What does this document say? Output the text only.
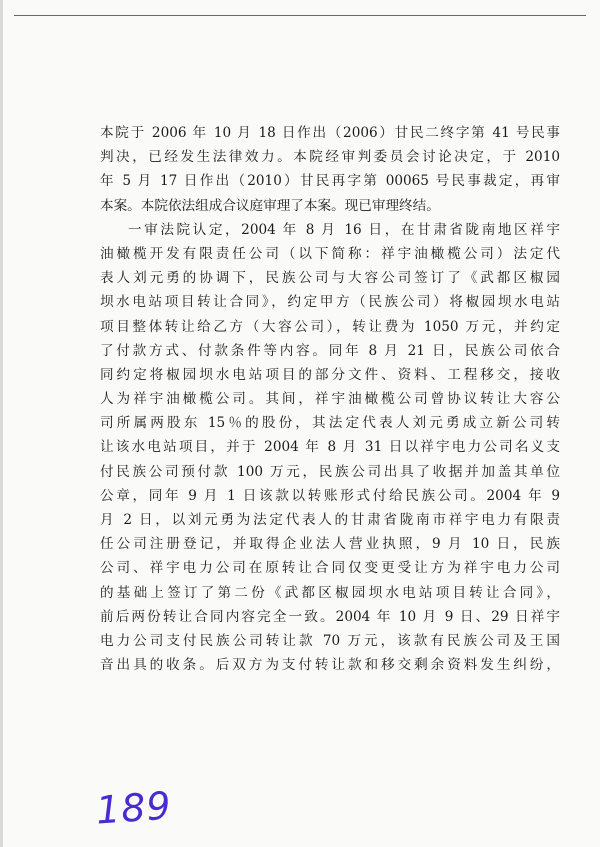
本院于 2006 年 10 月 18 日作出（2006）甘民二终字第 41 号民事
判决，已经发生法律效力。本院经审判委员会讨论决定，于 2010
年 5 月 17 日作出（2010）甘民再字第 00065 号民事裁定，再审
本案。本院依法组成合议庭审理了本案。现已审理终结。
一审法院认定，2004 年 8 月 16 日，在甘肃省陇南地区祥宇
油橄榄开发有限责任公司（以下简称：祥宇油橄榄公司）法定代
表人刘元勇的协调下，民族公司与大容公司签订了《武都区椒园
坝水电站项目转让合同》，约定甲方（民族公司）将椒园坝水电站
项目整体转让给乙方（大容公司），转让费为 1050 万元，并约定
了付款方式、付款条件等内容。同年 8 月 21 日，民族公司依合
同约定将椒园坝水电站项目的部分文件、资料、工程移交，接收
人为祥宇油橄榄公司。其间，祥宇油橄榄公司曾协议转让大容公
司所属两股东 15％的股份，其法定代表人刘元勇成立新公司转
让该水电站项目，并于 2004 年 8 月 31 日以祥宇电力公司名义支
付民族公司预付款 100 万元，民族公司出具了收据并加盖其单位
公章，同年 9 月 1 日该款以转账形式付给民族公司。2004 年 9
月 2 日，以刘元勇为法定代表人的甘肃省陇南市祥宇电力有限责
任公司注册登记，并取得企业法人营业执照，9 月 10 日，民族
公司、祥宇电力公司在原转让合同仅变更受让方为祥宇电力公司
的基础上签订了第二份《武都区椒园坝水电站项目转让合同》，
前后两份转让合同内容完全一致。2004 年 10 月 9 日、29 日祥宇
电力公司支付民族公司转让款 70 万元，该款有民族公司及王国
音出具的收条。后双方为支付转让款和移交剩余资料发生纠纷，
189
